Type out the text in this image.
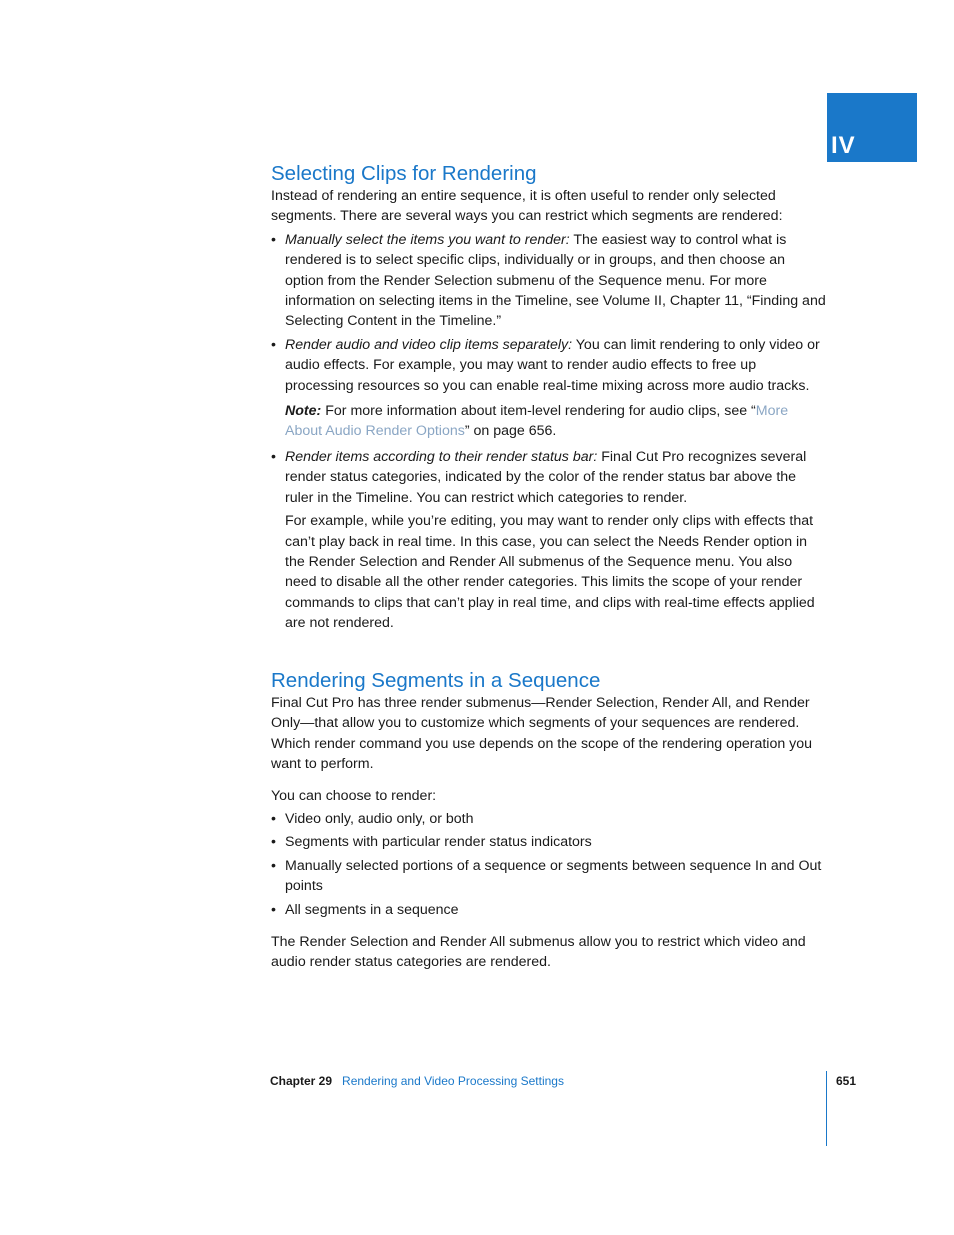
IV
Selecting Clips for Rendering

Instead of rendering an entire sequence, it is often useful to render only selected segments. There are several ways you can restrict which segments are rendered:

• Manually select the items you want to render: The easiest way to control what is rendered is to select specific clips, individually or in groups, and then choose an option from the Render Selection submenu of the Sequence menu. For more information on selecting items in the Timeline, see Volume II, Chapter 11, “Finding and Selecting Content in the Timeline.”
• Render audio and video clip items separately: You can limit rendering to only video or audio effects. For example, you may want to render audio effects to free up processing resources so you can enable real-time mixing across more audio tracks.

Note: For more information about item-level rendering for audio clips, see “More About Audio Render Options” on page 656.

• Render items according to their render status bar: Final Cut Pro recognizes several render status categories, indicated by the color of the render status bar above the ruler in the Timeline. You can restrict which categories to render.

For example, while you’re editing, you may want to render only clips with effects that can’t play back in real time. In this case, you can select the Needs Render option in the Render Selection and Render All submenus of the Sequence menu. You also need to disable all the other render categories. This limits the scope of your render commands to clips that can’t play in real time, and clips with real-time effects applied are not rendered.

Rendering Segments in a Sequence

Final Cut Pro has three render submenus—Render Selection, Render All, and Render Only—that allow you to customize which segments of your sequences are rendered. Which render command you use depends on the scope of the rendering operation you want to perform.

You can choose to render:

• Video only, audio only, or both
• Segments with particular render status indicators
• Manually selected portions of a sequence or segments between sequence In and Out points
• All segments in a sequence

The Render Selection and Render All submenus allow you to restrict which video and audio render status categories are rendered.

Chapter 29 Rendering and Video Processing Settings	651
